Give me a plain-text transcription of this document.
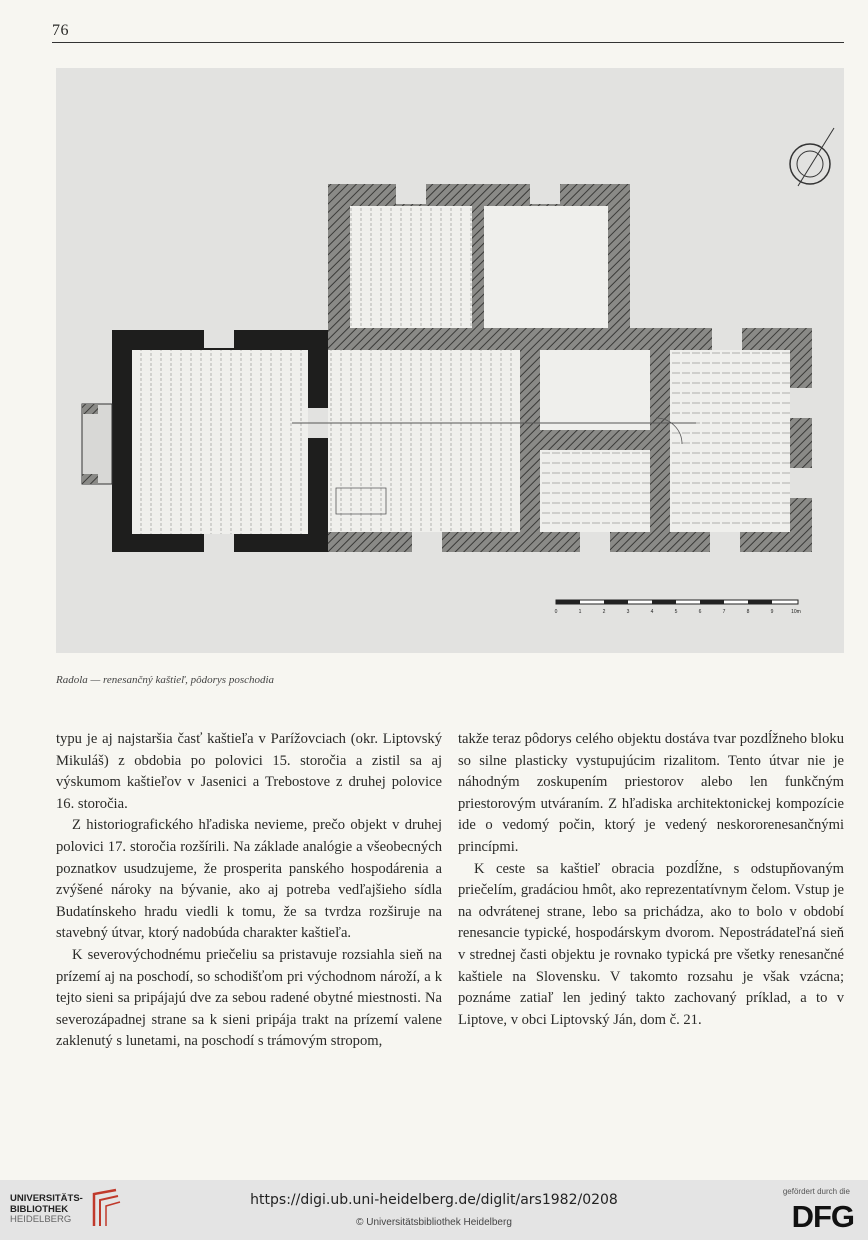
76
0	1	2	3	4	5	6	7	8	9	10m
Radola — renesančný kaštieľ, pôdorys poschodia

typu je aj najstaršia časť kaštieľa v Parížovciach (okr. Liptovský Mikuláš) z obdobia po polovici 15. storočia a zistil sa aj výskumom kaštieľov v Jasenici a Trebostove z druhej polovice 16. storočia.

Z historiografického hľadiska nevieme, prečo objekt v druhej polovici 17. storočia rozšírili. Na základe analógie a všeobecných poznatkov usudzujeme, že prosperita panského hospodárenia a zvýšené nároky na bývanie, ako aj potreba vedľajšieho sídla Budatínskeho hradu viedli k tomu, že sa tvrdza rozširuje na stavebný útvar, ktorý nadobúda charakter kaštieľa.

K severovýchodnému priečeliu sa pristavuje rozsiahla sieň na prízemí aj na poschodí, so schodišťom pri východnom nároží, a k tejto sieni sa pripájajú dve za sebou radené obytné miestnosti. Na severozápadnej strane sa k sieni pripája trakt na prízemí valene zaklenutý s lunetami, na poschodí s trámovým stropom,

takže teraz pôdorys celého objektu dostáva tvar pozdĺžneho bloku so silne plasticky vystupujúcim rizalitom. Tento útvar nie je náhodným zoskupením priestorov alebo len funkčným priestorovým utváraním. Z hľadiska architektonickej kompozície ide o vedomý počin, ktorý je vedený neskororenesančnými princípmi.

K ceste sa kaštieľ obracia pozdĺžne, s odstupňovaným priečelím, gradáciou hmôt, ako reprezentatívnym čelom. Vstup je na odvrátenej strane, lebo sa prichádza, ako to bolo v období renesancie typické, hospodárskym dvorom. Nepostrádateľná sieň v strednej časti objektu je rovnako typická pre všetky renesančné kaštiele na Slovensku. V takomto rozsahu je však vzácna; poznáme zatiaľ len jediný takto zachovaný príklad, a to v Liptove, v obci Liptovský Ján, dom č. 21.

UNIVERSITÄTS-
BIBLIOTHEK
HEIDELBERG
https://digi.ub.uni-heidelberg.de/diglit/ars1982/0208
© Universitätsbibliothek Heidelberg
gefördert durch die
DFG
